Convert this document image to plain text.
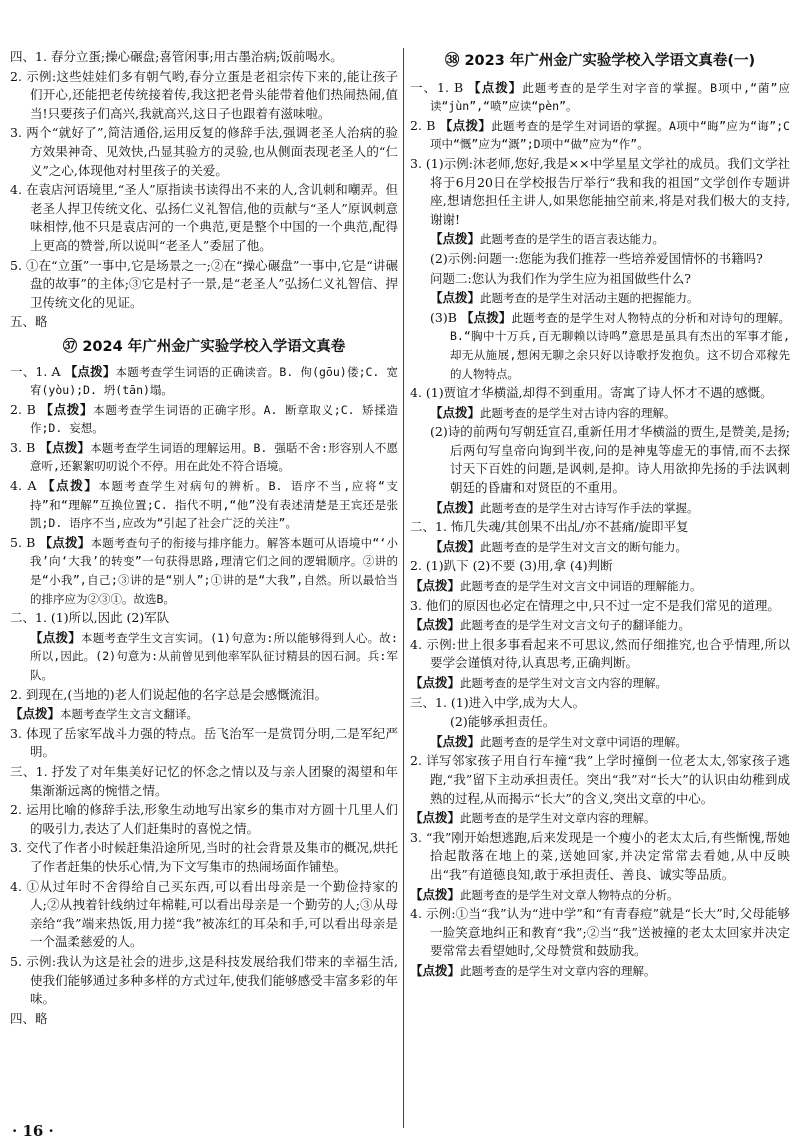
四、1. 春分立蛋;操心碾盘;喜管闲事;用古墨治病;饭前喝水。

2. 示例:这些娃娃们多有朝气哟,春分立蛋是老祖宗传下来的,能让孩子们开心,还能把老传统接着传,我这把老骨头能带着他们热闹热闹,值当!只要孩子们高兴,我就高兴,这日子也跟着有滋味啦。

3. 两个“就好了”,简洁通俗,运用反复的修辞手法,强调老圣人治病的验方效果神奇、见效快,凸显其验方的灵验,也从侧面表现老圣人的“仁义”之心,体现他对村里孩子的关爱。

4. 在袁店河语境里,“圣人”原指读书读得出不来的人,含讥刺和嘲弄。但老圣人捍卫传统文化、弘扬仁义礼智信,他的贡献与“圣人”原讽刺意味相悖,他不只是袁店河的一个典范,更是整个中国的一个典范,配得上更高的赞誉,所以说叫“老圣人”委屈了他。

5. ①在“立蛋”一事中,它是场景之一;②在“操心碾盘”一事中,它是“讲碾盘的故事”的主体;③它是村子一景,是“老圣人”弘扬仁义礼智信、捍卫传统文化的见证。

五、略

㊲ 2024 年广州金广实验学校入学语文真卷

一、1. A 【点拨】本题考查学生词语的正确读音。B. 佝(gōu)偻;C. 宽宥(yòu);D. 坍(tān)塌。

2. B 【点拨】本题考查学生词语的正确字形。A. 断章取义;C. 矫揉造作;D. 妄想。

3. B 【点拨】本题考查学生词语的理解运用。B. 强聒不舍:形容别人不愿意听,还絮絮叨叨说个不停。用在此处不符合语境。

4. A 【点拨】本题考查学生对病句的辨析。B. 语序不当,应将“支持”和“理解”互换位置;C. 指代不明,“他”没有表述清楚是王宾还是张凯;D. 语序不当,应改为“引起了社会广泛的关注”。

5. B 【点拨】本题考查句子的衔接与排序能力。解答本题可从语境中“‘小我’向‘大我’的转变”一句获得思路,理清它们之间的逻辑顺序。②讲的是“小我”,自己;③讲的是“别人”;①讲的是“大我”,自然。所以最恰当的排序应为②③①。故选B。

二、1. (1)所以,因此 (2)军队

【点拨】本题考查学生文言实词。(1)句意为:所以能够得到人心。故:所以,因此。(2)句意为:从前曾见到他率军队征讨精县的因石洞。兵:军队。

2. 到现在,(当地的)老人们说起他的名字总是会感慨流泪。

【点拨】本题考查学生文言文翻译。

3. 体现了岳家军战斗力强的特点。岳飞治军一是赏罚分明,二是军纪严明。

三、1. 抒发了对年集美好记忆的怀念之情以及与亲人团聚的渴望和年集渐渐远离的惋惜之情。

2. 运用比喻的修辞手法,形象生动地写出家乡的集市对方圆十几里人们的吸引力,表达了人们赶集时的喜悦之情。

3. 交代了作者小时候赶集沿途所见,当时的社会背景及集市的概况,烘托了作者赶集的快乐心情,为下文写集市的热闹场面作铺垫。

4. ①从过年时不舍得给自己买东西,可以看出母亲是一个勤俭持家的人;②从拽着针线纳过年棉鞋,可以看出母亲是一个勤劳的人;③从母亲给“我”端来热饭,用力搓“我”被冻红的耳朵和手,可以看出母亲是一个温柔慈爱的人。

5. 示例:我认为这是社会的进步,这是科技发展给我们带来的幸福生活,使我们能够通过多种多样的方式过年,使我们能够感受丰富多彩的年味。

四、略

㊳ 2023 年广州金广实验学校入学语文真卷(一)

一、1. B 【点拨】此题考查的是学生对字音的掌握。B项中,“菌”应读“jùn”,“喷”应读“pèn”。

2. B 【点拨】此题考查的是学生对词语的掌握。A项中“晦”应为“诲”;C项中“慨”应为“溉”;D项中“做”应为“作”。

3. (1)示例:沐老师,您好,我是××中学星星文学社的成员。我们文学社将于6月20日在学校报告厅举行“我和我的祖国”文学创作专题讲座,想请您担任主讲人,如果您能抽空前来,将是对我们极大的支持,谢谢!

【点拨】此题考查的是学生的语言表达能力。

(2)示例:问题一:您能为我们推荐一些培养爱国情怀的书籍吗?

问题二:您认为我们作为学生应为祖国做些什么?

【点拨】此题考查的是学生对活动主题的把握能力。

(3)B 【点拨】此题考查的是学生对人物特点的分析和对诗句的理解。B.“胸中十万兵,百无聊赖以诗鸣”意思是虽具有杰出的军事才能,却无从施展,想闲无聊之余只好以诗歌抒发抱负。这不切合邓稼先的人物特点。

4. (1)贾谊才华横溢,却得不到重用。寄寓了诗人怀才不遇的感慨。

【点拨】此题考查的是学生对古诗内容的理解。

(2)诗的前两句写朝廷宣召,重新任用才华横溢的贾生,是赞美,是扬;后两句写皇帝向询到半夜,问的是神鬼等虚无的事情,而不去探讨天下百姓的问题,是讽刺,是抑。诗人用欲抑先扬的手法讽刺朝廷的昏庸和对贤臣的不重用。

【点拨】此题考查的是学生对古诗写作手法的掌握。

二、1. 怖几失魂/其创果不出乩/亦不甚痛/旋即平复

【点拨】此题考查的是学生对文言文的断句能力。

2. (1)趴下 (2)不要 (3)用,拿 (4)判断

【点拨】此题考查的是学生对文言文中词语的理解能力。

3. 他们的原因也必定在情理之中,只不过一定不是我们常见的道理。

【点拨】此题考查的是学生对文言文句子的翻译能力。

4. 示例:世上很多事看起来不可思议,然而仔细推究,也合乎情理,所以要学会谨慎对待,认真思考,正确判断。

【点拨】此题考查的是学生对文言文内容的理解。

三、1. (1)进入中学,成为大人。

(2)能够承担责任。

【点拨】此题考查的是学生对文章中词语的理解。

2. 详写邻家孩子用自行车撞“我”上学时撞倒一位老太太,邻家孩子逃跑,“我”留下主动承担责任。突出“我”对“长大”的认识由幼稚到成熟的过程,从而揭示“长大”的含义,突出文章的中心。

【点拨】此题考查的是学生对文章内容的理解。

3. “我”刚开始想逃跑,后来发现是一个瘦小的老太太后,有些惭愧,帮她拾起散落在地上的菜,送她回家,并决定常常去看她,从中反映出“我”有道德良知,敢于承担责任、善良、诚实等品质。

【点拨】此题考查的是学生对文章人物特点的分析。

4. 示例:①当“我”认为“进中学”和“有青春痘”就是“长大”时,父母能够一脸笑意地纠正和教育“我”;②当“我”送被撞的老太太回家并决定要常常去看望她时,父母赞赏和鼓励我。

【点拨】此题考查的是学生对文章内容的理解。

· 16 ·
